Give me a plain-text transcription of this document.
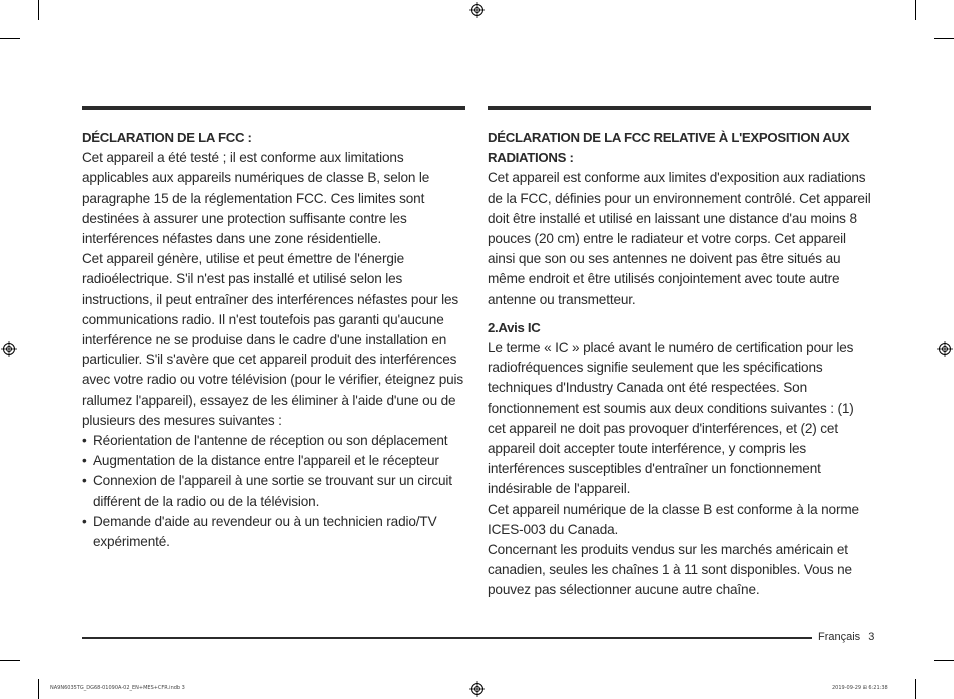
DÉCLARATION DE LA FCC :

Cet appareil a été testé ; il est conforme aux limitations applicables aux appareils numériques de classe B, selon le paragraphe 15 de la réglementation FCC. Ces limites sont destinées à assurer une protection suffisante contre les interférences néfastes dans une zone résidentielle.

Cet appareil génère, utilise et peut émettre de l'énergie radioélectrique. S'il n'est pas installé et utilisé selon les instructions, il peut entraîner des interférences néfastes pour les communications radio. Il n'est toutefois pas garanti qu'aucune interférence ne se produise dans le cadre d'une installation en particulier. S'il s'avère que cet appareil produit des interférences avec votre radio ou votre télévision (pour le vérifier, éteignez puis rallumez l'appareil), essayez de les éliminer à l'aide d'une ou de plusieurs des mesures suivantes :

• Réorientation de l'antenne de réception ou son déplacement
• Augmentation de la distance entre l'appareil et le récepteur
• Connexion de l'appareil à une sortie se trouvant sur un circuit différent de la radio ou de la télévision.
• Demande d'aide au revendeur ou à un technicien radio/TV expérimenté.
DÉCLARATION DE LA FCC RELATIVE À L'EXPOSITION AUX RADIATIONS :

Cet appareil est conforme aux limites d'exposition aux radiations de la FCC, définies pour un environnement contrôlé. Cet appareil doit être installé et utilisé en laissant une distance d'au moins 8 pouces (20 cm) entre le radiateur et votre corps. Cet appareil ainsi que son ou ses antennes ne doivent pas être situés au même endroit et être utilisés conjointement avec toute autre antenne ou transmetteur.

2.Avis IC

Le terme « IC » placé avant le numéro de certification pour les radiofréquences signifie seulement que les spécifications techniques d'Industry Canada ont été respectées. Son fonctionnement est soumis aux deux conditions suivantes : (1) cet appareil ne doit pas provoquer d'interférences, et (2) cet appareil doit accepter toute interférence, y compris les interférences susceptibles d'entraîner un fonctionnement indésirable de l'appareil.

Cet appareil numérique de la classe B est conforme à la norme ICES-003 du Canada.

Concernant les produits vendus sur les marchés américain et canadien, seules les chaînes 1 à 11 sont disponibles. Vous ne pouvez pas sélectionner aucune autre chaîne.

Français 3
NA9N6035TG_DG68-01090A-02_EN+MES+CFR.indb 3	2019-09-29 ⊞ 6:21:38
